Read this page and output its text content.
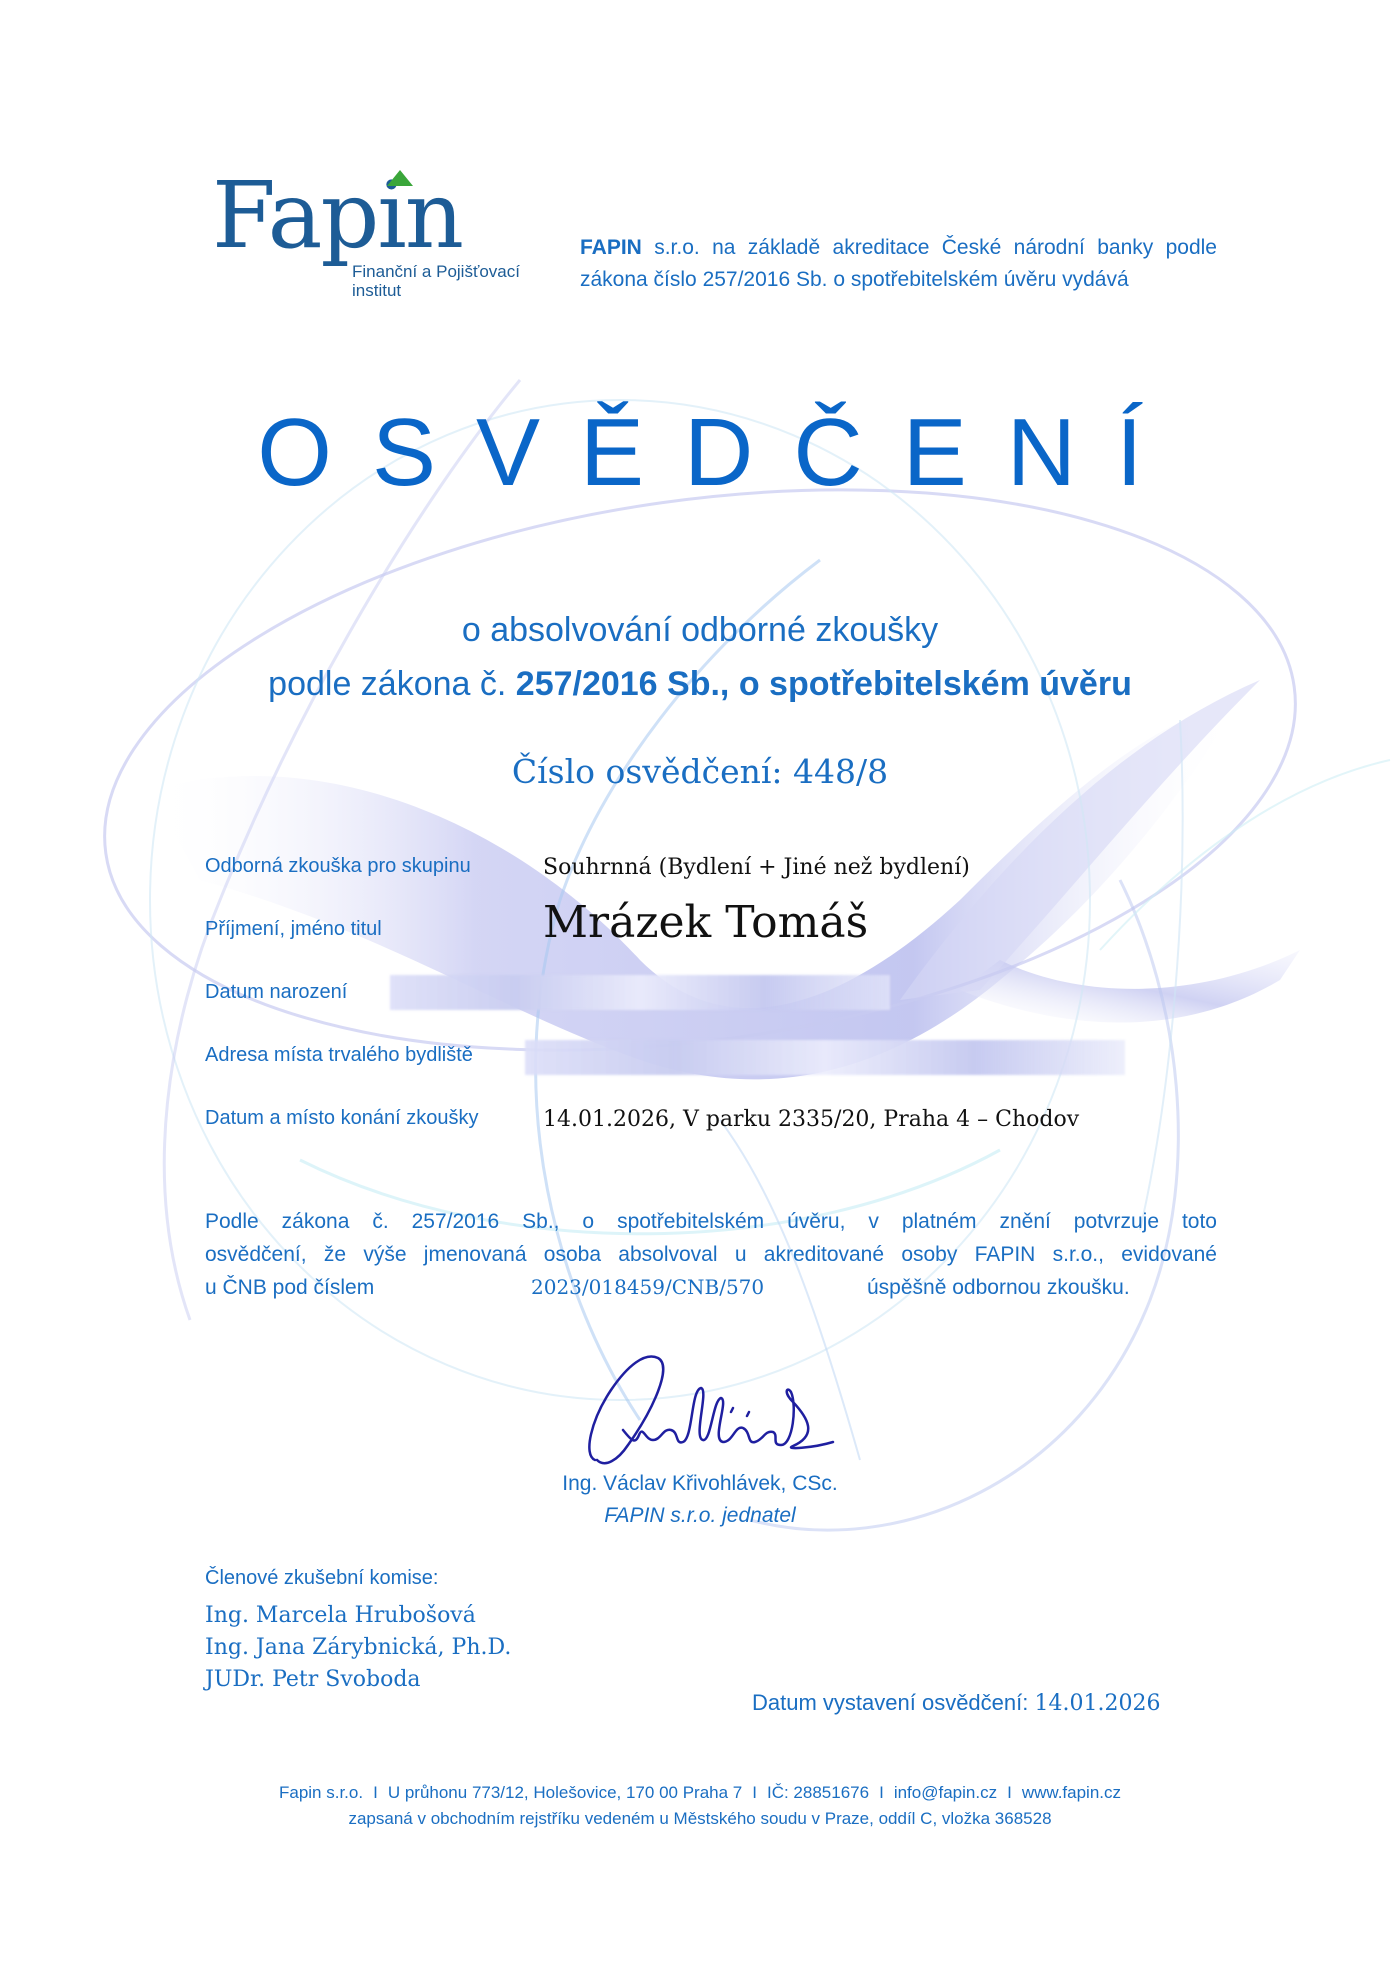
Fapin
Finanční a Pojišťovací
institut
FAPIN s.r.o. na základě akreditace České národní banky podle zákona číslo 257/2016 Sb. o spotřebitelském úvěru vydává
OSVĚDČENÍ
o absolvování odborné zkoušky
podle zákona č. 257/2016 Sb., o spotřebitelském úvěru
Číslo osvědčení: 448/8
Odborná zkouška pro skupinu	Souhrnná (Bydlení + Jiné než bydlení)
Příjmení, jméno titul	Mrázek Tomáš
Datum narození
Adresa místa trvalého bydliště
Datum a místo konání zkoušky	14.01.2026, V parku 2335/20, Praha 4 – Chodov
Podle zákona č. 257/2016 Sb., o spotřebitelském úvěru, v platném znění potvrzuje toto
osvědčení, že výše jmenovaná osoba absolvoval u akreditované osoby FAPIN s.r.o., evidované
u ČNB pod číslem	2023/018459/CNB/570	úspěšně odbornou zkoušku.
Ing. Václav Křivohlávek, CSc.
FAPIN s.r.o. jednatel
Členové zkušební komise:
Ing. Marcela Hrubošová
Ing. Jana Zárybnická, Ph.D.
JUDr. Petr Svoboda
Datum vystavení osvědčení: 14.01.2026
Fapin s.r.o. I U průhonu 773/12, Holešovice, 170 00 Praha 7 I IČ: 28851676 I info@fapin.cz I www.fapin.cz
zapsaná v obchodním rejstříku vedeném u Městského soudu v Praze, oddíl C, vložka 368528
